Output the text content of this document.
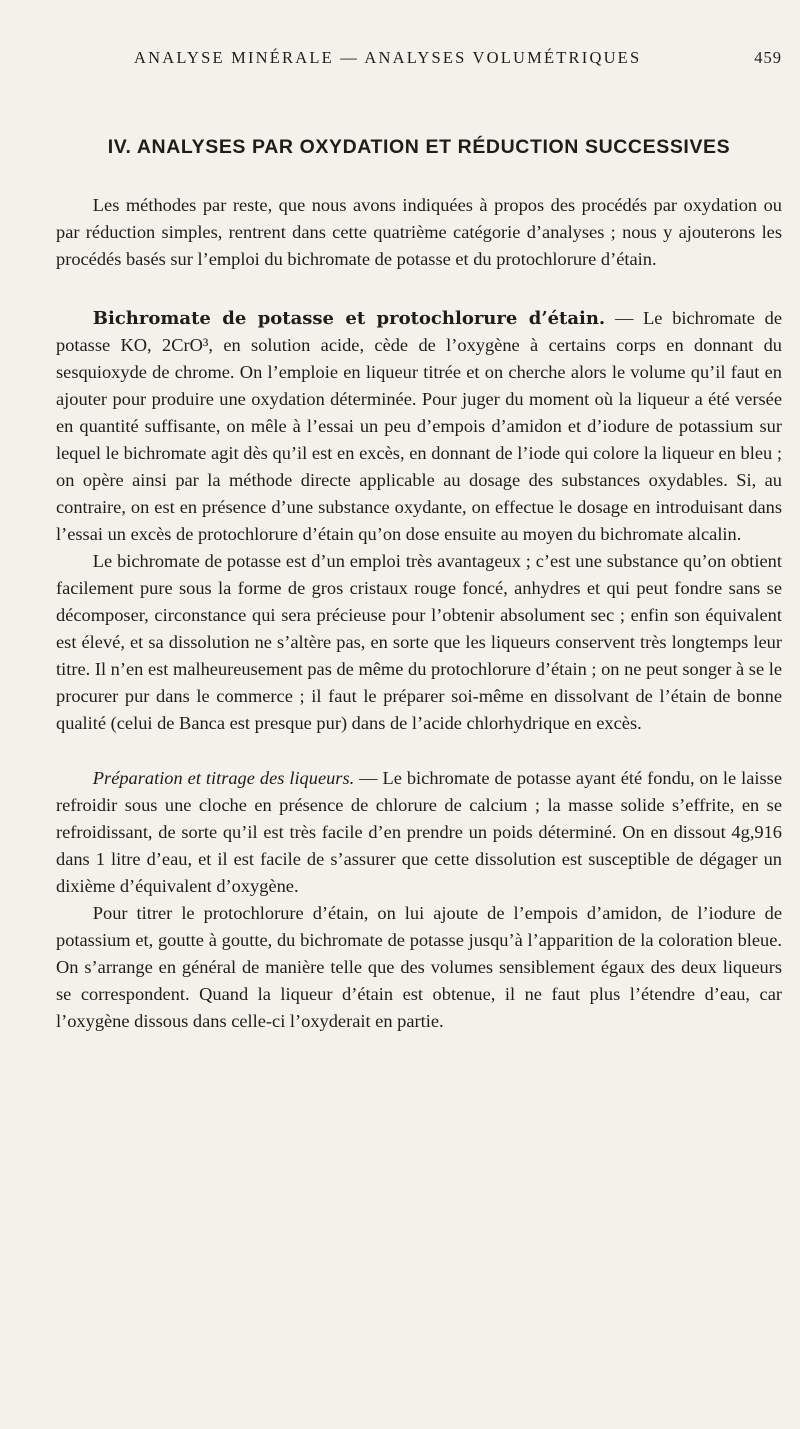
ANALYSE MINÉRALE — ANALYSES VOLUMÉTRIQUES	459
IV. ANALYSES PAR OXYDATION ET RÉDUCTION SUCCESSIVES

Les méthodes par reste, que nous avons indiquées à propos des procédés par oxydation ou par réduction simples, rentrent dans cette quatrième catégorie d’analyses ; nous y ajouterons les procédés basés sur l’emploi du bichromate de potasse et du protochlorure d’étain.

Bichromate de potasse et protochlorure d’étain. — Le bichromate de potasse KO, 2CrO³, en solution acide, cède de l’oxygène à certains corps en donnant du sesquioxyde de chrome. On l’emploie en liqueur titrée et on cherche alors le volume qu’il faut en ajouter pour produire une oxydation déterminée. Pour juger du moment où la liqueur a été versée en quantité suffisante, on mêle à l’essai un peu d’empois d’amidon et d’iodure de potassium sur lequel le bichromate agit dès qu’il est en excès, en donnant de l’iode qui colore la liqueur en bleu ; on opère ainsi par la méthode directe applicable au dosage des substances oxydables. Si, au contraire, on est en présence d’une substance oxydante, on effectue le dosage en introduisant dans l’essai un excès de protochlorure d’étain qu’on dose ensuite au moyen du bichromate alcalin.

Le bichromate de potasse est d’un emploi très avantageux ; c’est une substance qu’on obtient facilement pure sous la forme de gros cristaux rouge foncé, anhydres et qui peut fondre sans se décomposer, circonstance qui sera précieuse pour l’obtenir absolument sec ; enfin son équivalent est élevé, et sa dissolution ne s’altère pas, en sorte que les liqueurs conservent très longtemps leur titre. Il n’en est malheureusement pas de même du protochlorure d’étain ; on ne peut songer à se le procurer pur dans le commerce ; il faut le préparer soi-même en dissolvant de l’étain de bonne qualité (celui de Banca est presque pur) dans de l’acide chlorhydrique en excès.

Préparation et titrage des liqueurs. — Le bichromate de potasse ayant été fondu, on le laisse refroidir sous une cloche en présence de chlorure de calcium ; la masse solide s’effrite, en se refroidissant, de sorte qu’il est très facile d’en prendre un poids déterminé. On en dissout 4g,916 dans 1 litre d’eau, et il est facile de s’assurer que cette dissolution est susceptible de dégager un dixième d’équivalent d’oxygène.

Pour titrer le protochlorure d’étain, on lui ajoute de l’empois d’amidon, de l’iodure de potassium et, goutte à goutte, du bichromate de potasse jusqu’à l’apparition de la coloration bleue. On s’arrange en général de manière telle que des volumes sensiblement égaux des deux liqueurs se correspondent. Quand la liqueur d’étain est obtenue, il ne faut plus l’étendre d’eau, car l’oxygène dissous dans celle-ci l’oxyderait en partie.
